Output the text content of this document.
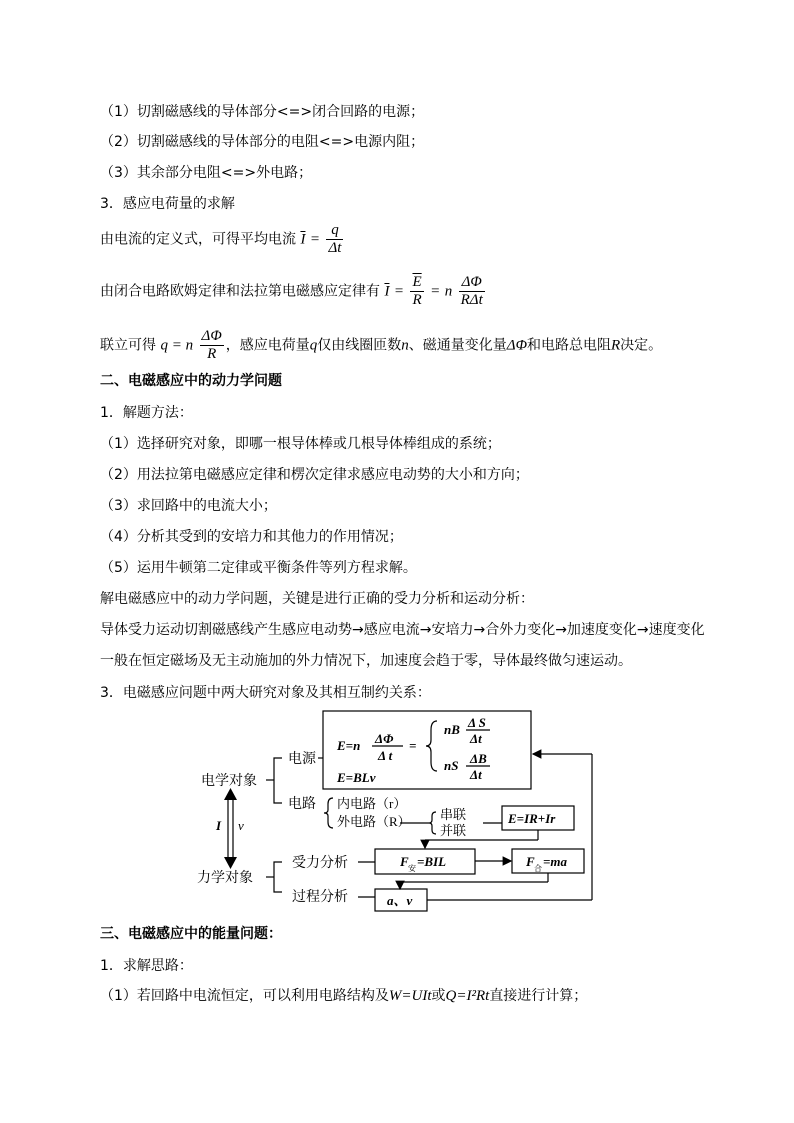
（1）切割磁感线的导体部分<=>闭合回路的电源；
（2）切割磁感线的导体部分的电阻<=>电源内阻；
（3）其余部分电阻<=>外电路；
3．感应电荷量的求解
由电流的定义式，可得平均电流 $\overline{I} = \frac{q}{\Delta t}$
由闭合电路欧姆定律和法拉第电磁感应定律有 $\overline{I} = \frac{\overline{E}}{R} = n \frac{\Delta\Phi}{\text{RΔt}}$
联立可得 q = n $\frac{\Delta\Phi}{R}$ ，感应电荷量q仅由线圈匝数n、磁通量变化量ΔΦ和电路总电阻R决定。
二、电磁感应中的动力学问题
1．解题方法：
（1）选择研究对象，即哪一根导体棒或几根导体棒组成的系统；
（2）用法拉第电磁感应定律和楞次定律求感应电动势的大小和方向；
（3）求回路中的电流大小；
（4）分析其受到的安培力和其他力的作用情况；
（5）运用牛顿第二定律或平衡条件等列方程求解。
解电磁感应中的动力学问题，关键是进行正确的受力分析和运动分析：
导体受力运动切割磁感线产生感应电动势→感应电流→安培力→合外力变化→加速度变化→速度变化
一般在恒定磁场及无主动施加的外力情况下，加速度会趋于零，导体最终做匀速运动。
3．电磁感应问题中两大研究对象及其相互制约关系：
电学对象
力学对象
电源
电路 内电路（r）
外电路（R） 串联
并联
受力分析
过程分析
I v
E=n ΔΦ
Δ t
=
nB Δ S
Δt
nS ΔB
Δt
E=BLv
E=IR+Ir
F 安 =BIL	F 合 =ma
a、v
三、电磁感应中的能量问题：
1．求解思路：
（1）若回路中电流恒定，可以利用电路结构及W=UIt或Q=I²Rt直接进行计算；
